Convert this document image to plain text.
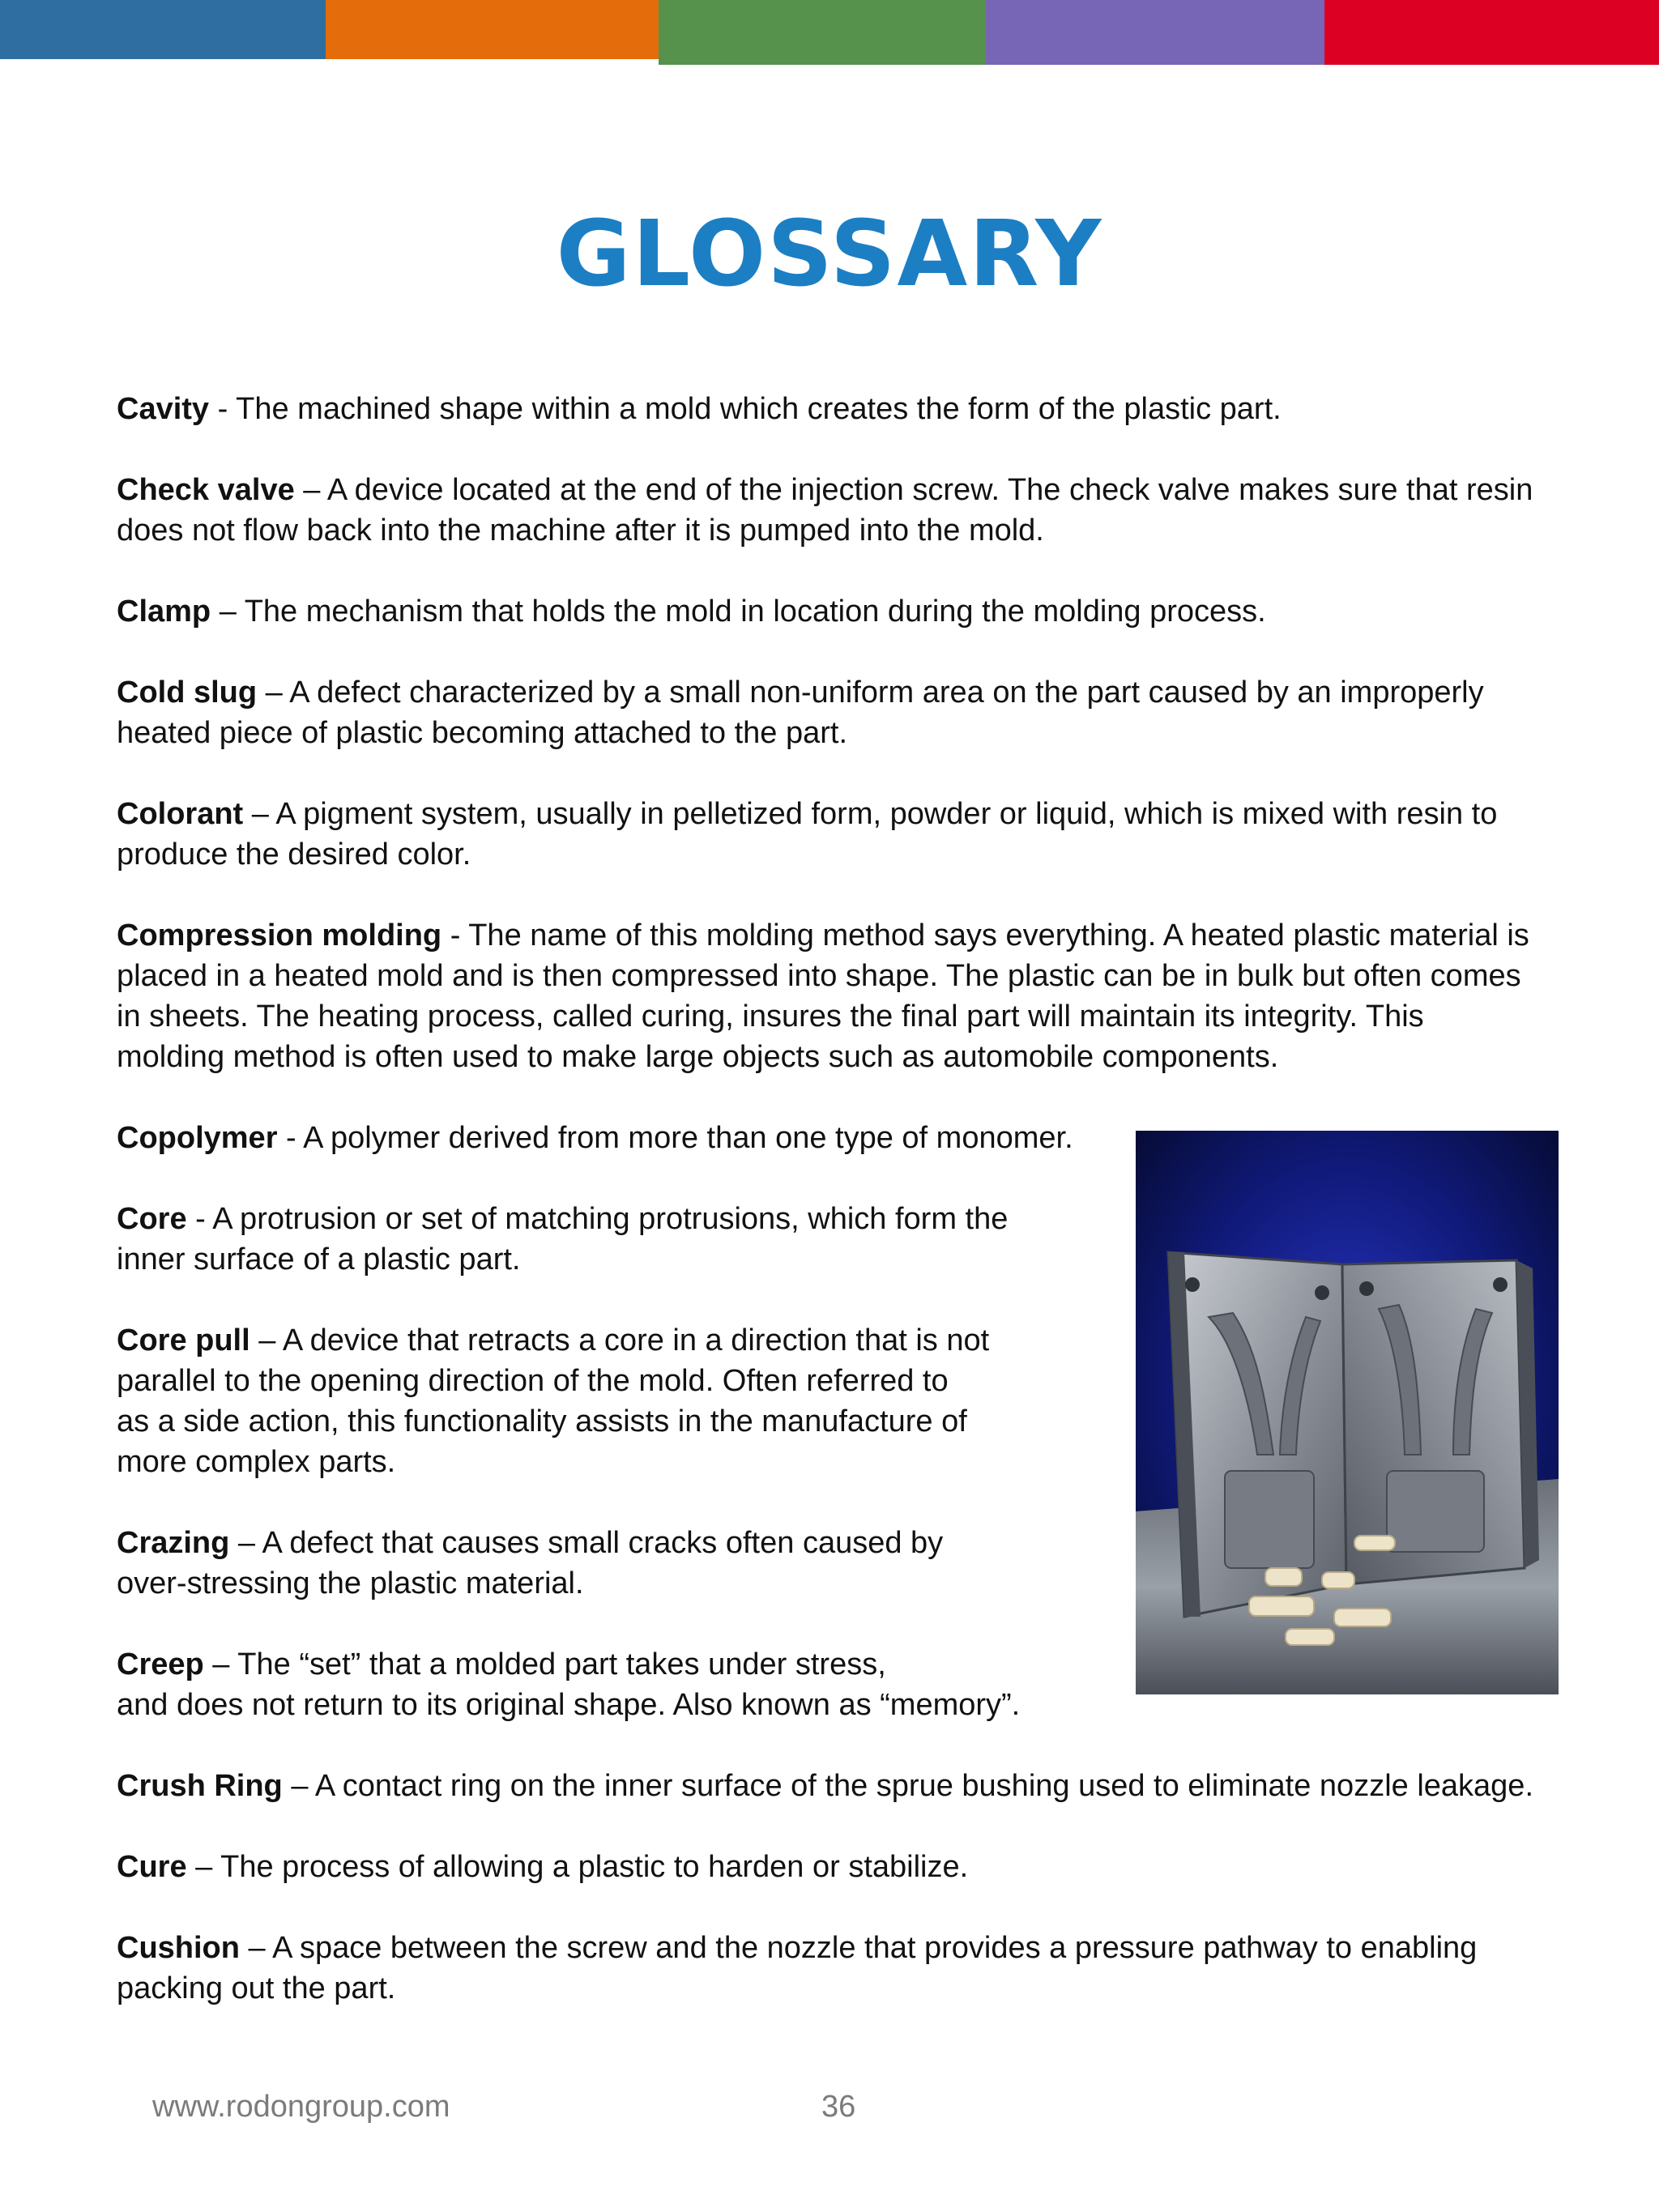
GLOSSARY
Cavity - The machined shape within a mold which creates the form of the plastic part.
Check valve – A device located at the end of the injection screw. The check valve makes sure that resin
does not flow back into the machine after it is pumped into the mold.
Clamp – The mechanism that holds the mold in location during the molding process.
Cold slug – A defect characterized by a small non-uniform area on the part caused by an improperly
heated piece of plastic becoming attached to the part.
Colorant – A pigment system, usually in pelletized form, powder or liquid, which is mixed with resin to
produce the desired color.
Compression molding - The name of this molding method says everything. A heated plastic material is
placed in a heated mold and is then compressed into shape. The plastic can be in bulk but often comes
in sheets. The heating process, called curing, insures the final part will maintain its integrity. This
molding method is often used to make large objects such as automobile components.
Copolymer - A polymer derived from more than one type of monomer.
Core - A protrusion or set of matching protrusions, which form the
inner surface of a plastic part.
Core pull – A device that retracts a core in a direction that is not
parallel to the opening direction of the mold. Often referred to
as a side action, this functionality assists in the manufacture of
more complex parts.
Crazing – A defect that causes small cracks often caused by
over-stressing the plastic material.
Creep – The “set” that a molded part takes under stress,
and does not return to its original shape. Also known as “memory”.
Crush Ring – A contact ring on the inner surface of the sprue bushing used to eliminate nozzle leakage.
Cure – The process of allowing a plastic to harden or stabilize.
Cushion – A space between the screw and the nozzle that provides a pressure pathway to enabling
packing out the part.
www.rodongroup.com	36
